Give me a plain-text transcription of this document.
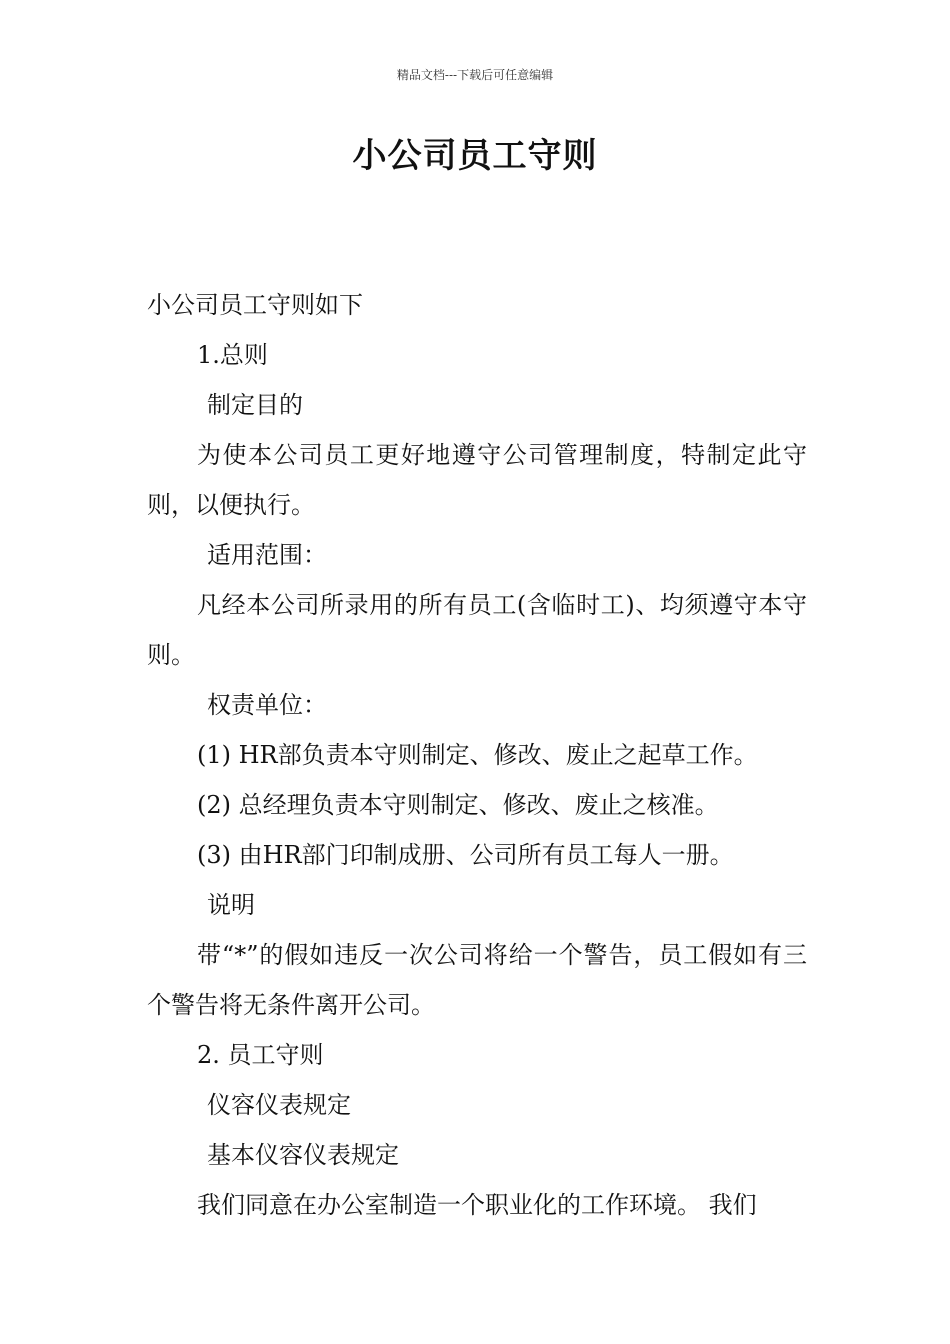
精品文档---下载后可任意编辑
小公司员工守则

小公司员工守则如下

1.总则

制定目的

为使本公司员工更好地遵守公司管理制度，特制定此守则，以便执行。

适用范围：

凡经本公司所录用的所有员工(含临时工)、均须遵守本守则。

权责单位：

(1) HR部负责本守则制定、修改、废止之起草工作。

(2) 总经理负责本守则制定、修改、废止之核准。

(3) 由HR部门印制成册、公司所有员工每人一册。

说明

带“*”的假如违反一次公司将给一个警告，员工假如有三个警告将无条件离开公司。

2. 员工守则

仪容仪表规定

基本仪容仪表规定

我们同意在办公室制造一个职业化的工作环境。 我们
